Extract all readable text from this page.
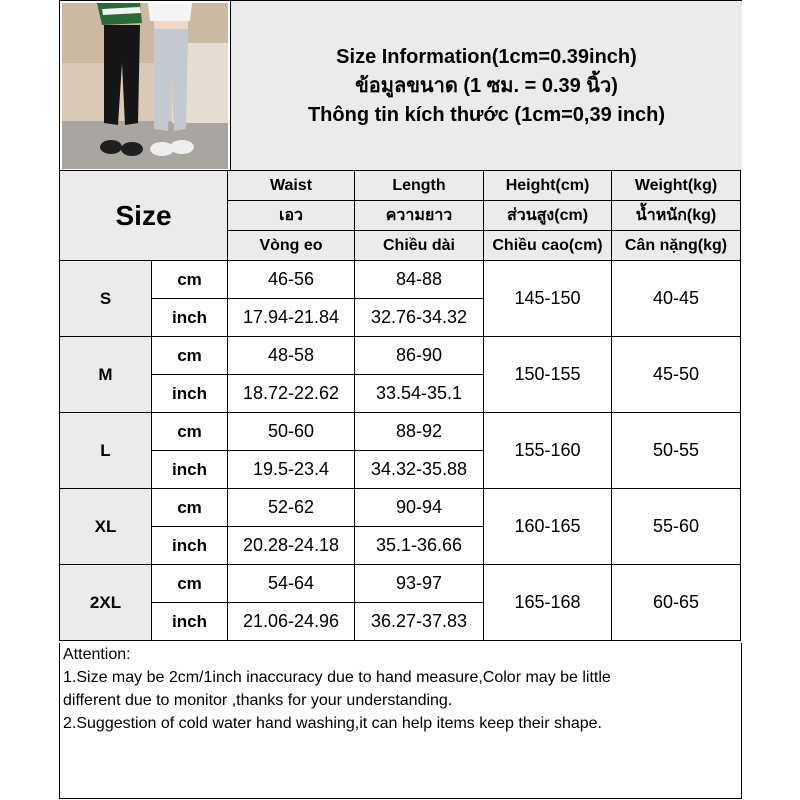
Size Information(1cm=0.39inch)
ข้อมูลขนาด (1 ซม. = 0.39 นิ้ว)
Thông tin kích thước (1cm=0,39 inch)
Size		Waist	Length	Height(cm)	Weight(kg)
		เอว	ความยาว	ส่วนสูง(cm)	น้ำหนัก(kg)
		Vòng eo	Chiều dài	Chiều cao(cm)	Cân nặng(kg)
S	cm	46-56	84-88	145-150	40-45
	inch	17.94-21.84	32.76-34.32		
M	cm	48-58	86-90	150-155	45-50
	inch	18.72-22.62	33.54-35.1		
L	cm	50-60	88-92	155-160	50-55
	inch	19.5-23.4	34.32-35.88		
XL	cm	52-62	90-94	160-165	55-60
	inch	20.28-24.18	35.1-36.66		
2XL	cm	54-64	93-97	165-168	60-65
	inch	21.06-24.96	36.27-37.83		
Attention:
1.Size may be 2cm/1inch inaccuracy due to hand measure,Color may be little
different due to monitor ,thanks for your understanding.
2.Suggestion of cold water hand washing,it can help items keep their shape.
